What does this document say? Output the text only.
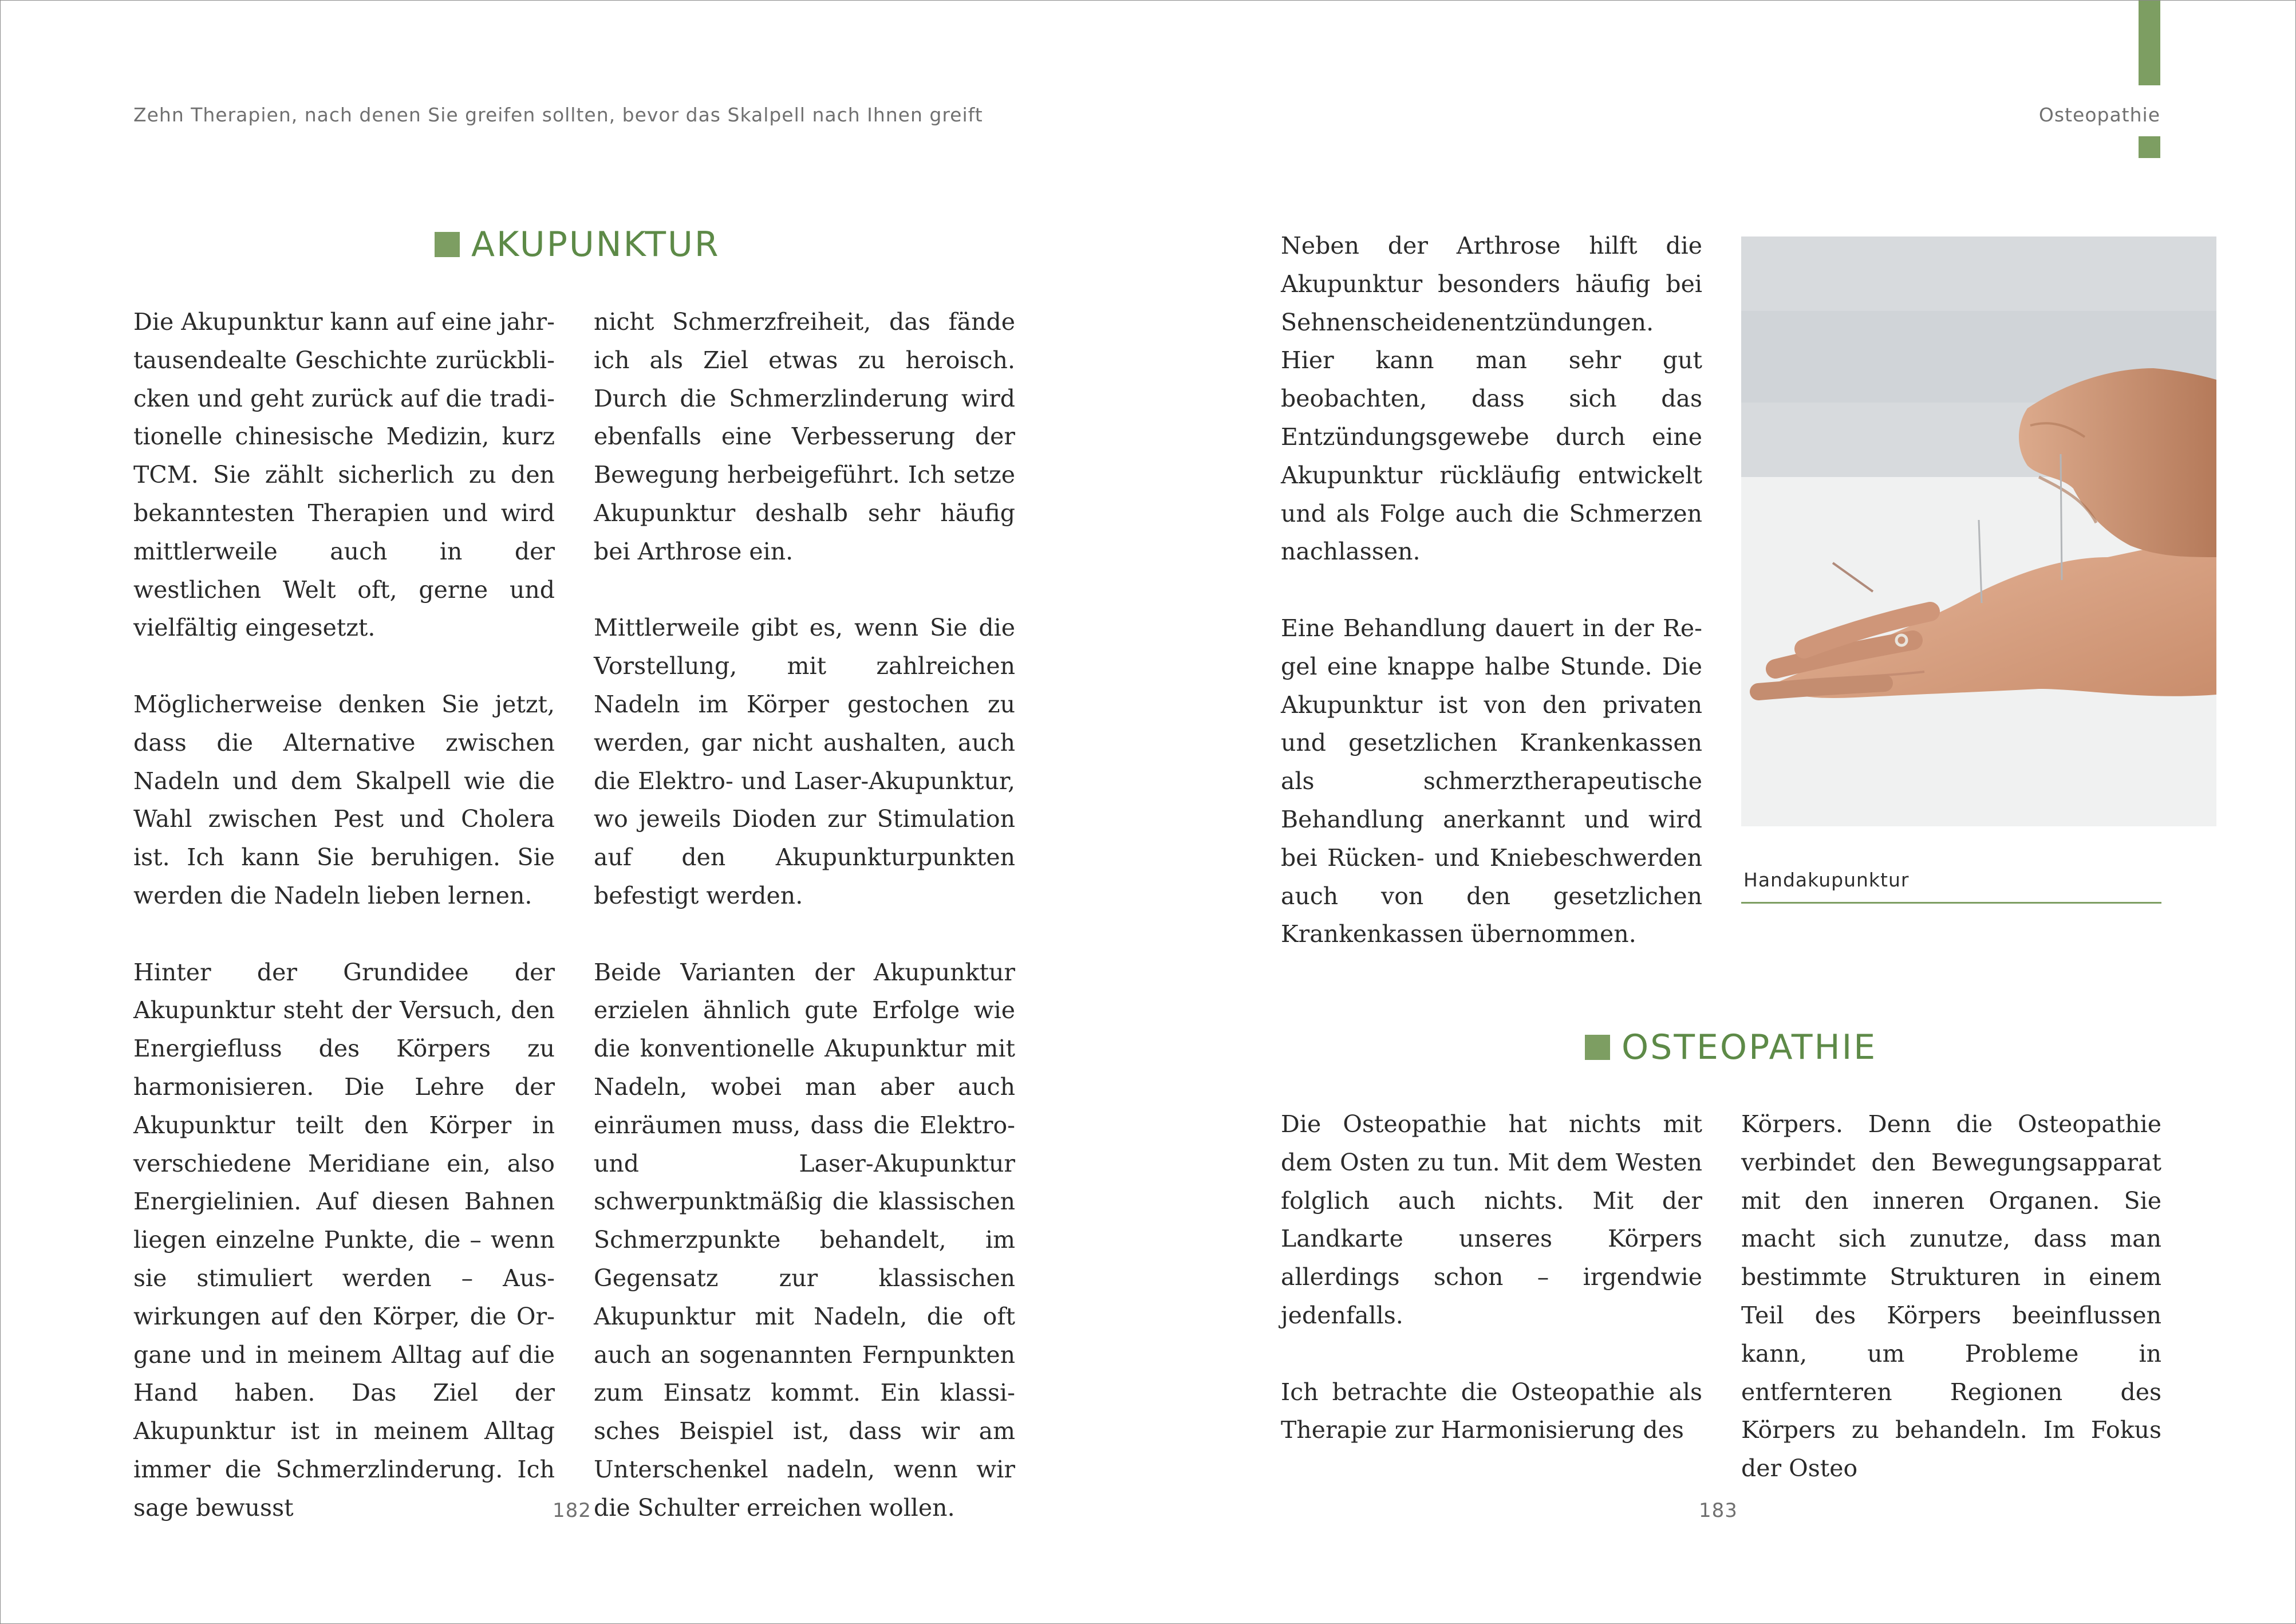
Zehn Therapien, nach denen Sie greifen sollten, bevor das Skalpell nach Ihnen greift	Osteopathie
AKUPUNKTUR

Die Akupunktur kann auf eine jahrtausendealte Geschichte zurückblicken und geht zurück auf die traditionelle chinesische Medizin, kurz TCM. Sie zählt sicherlich zu den bekanntesten Therapien und wird mittlerweile auch in der westlichen Welt oft, gerne und vielfältig eingesetzt.

Möglicherweise denken Sie jetzt, dass die Alternative zwischen Nadeln und dem Skalpell wie die Wahl zwischen Pest und Cholera ist. Ich kann Sie beruhigen. Sie werden die Nadeln lieben lernen.

Hinter der Grundidee der Akupunktur steht der Versuch, den Energiefluss des Körpers zu harmonisieren. Die Lehre der Akupunktur teilt den Körper in verschiedene Meridiane ein, also Energielinien. Auf diesen Bahnen liegen einzelne Punkte, die – wenn sie stimuliert werden – Auswirkungen auf den Körper, die Organe und in meinem Alltag auf die Hand haben. Das Ziel der Akupunktur ist in meinem Alltag immer die Schmerzlinderung. Ich sage bewusst

nicht Schmerzfreiheit, das fände ich als Ziel etwas zu heroisch. Durch die Schmerzlinderung wird ebenfalls eine Verbesserung der Bewegung herbeigeführt. Ich setze Akupunktur deshalb sehr häufig bei Arthrose ein.

Mittlerweile gibt es, wenn Sie die Vorstellung, mit zahlreichen Nadeln im Körper gestochen zu werden, gar nicht aushalten, auch die Elektro- und Laser-Akupunktur, wo jeweils Dioden zur Stimulation auf den Akupunkturpunkten befestigt werden.

Beide Varianten der Akupunktur erzielen ähnlich gute Erfolge wie die konventionelle Akupunktur mit Nadeln, wobei man aber auch einräumen muss, dass die Elektro- und Laser-Akupunktur schwerpunktmäßig die klassischen Schmerzpunkte behandelt, im Gegensatz zur klassischen Akupunktur mit Nadeln, die oft auch an sogenannten Fernpunkten zum Einsatz kommt. Ein klassisches Beispiel ist, dass wir am Unterschenkel nadeln, wenn wir die Schulter erreichen wollen.

182

Neben der Arthrose hilft die Akupunktur besonders häufig bei Sehnenscheidenentzündungen. Hier kann man sehr gut beobachten, dass sich das Entzündungsgewebe durch eine Akupunktur rückläufig entwickelt und als Folge auch die Schmerzen nachlassen.

Eine Behandlung dauert in der Regel eine knappe halbe Stunde. Die Akupunktur ist von den privaten und gesetzlichen Krankenkassen als schmerztherapeutische Behandlung anerkannt und wird bei Rücken- und Kniebeschwerden auch von den gesetzlichen Krankenkassen übernommen.

Handakupunktur
OSTEOPATHIE

Die Osteopathie hat nichts mit dem Osten zu tun. Mit dem Westen folglich auch nichts. Mit der Landkarte unseres Körpers allerdings schon – irgendwie jedenfalls.

Ich betrachte die Osteopathie als Therapie zur Harmonisierung des

Körpers. Denn die Osteopathie verbindet den Bewegungsapparat mit den inneren Organen. Sie macht sich zunutze, dass man bestimmte Strukturen in einem Teil des Körpers beeinflussen kann, um Probleme in entfernteren Regionen des Körpers zu behandeln. Im Fokus der Osteo

183
